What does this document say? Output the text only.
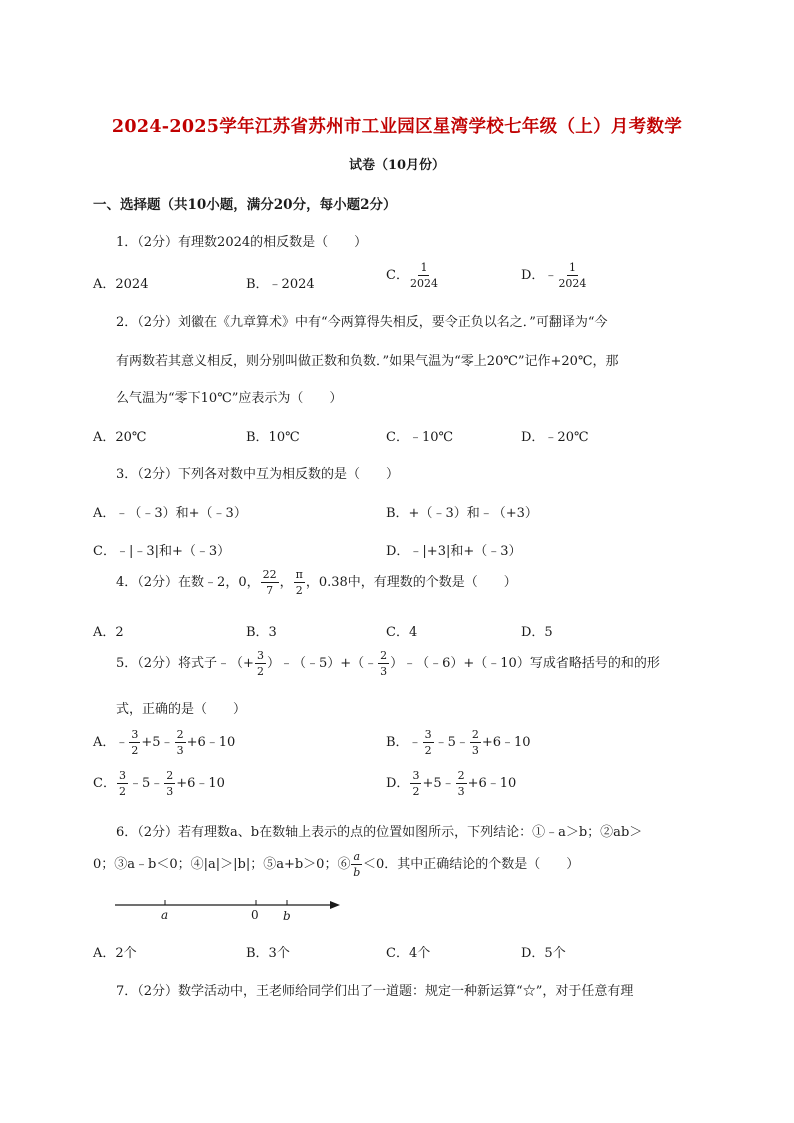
2024-2025学年江苏省苏州市工业园区星湾学校七年级（上）月考数学
试卷（10月份）
一、选择题（共10小题，满分20分，每小题2分）
1．（2分）有理数2024的相反数是（　　）
A．2024	B．﹣2024
C． $\frac{1}{2024}$	D．﹣ $\frac{1}{2024}$
2．（2分）刘徽在《九章算术》中有“今两算得失相反，要令正负以名之．”可翻译为“今
有两数若其意义相反，则分别叫做正数和负数．”如果气温为“零上20℃”记作+20℃，那
么气温为“零下10℃”应表示为（　　）
A．20℃	B．10℃	C．﹣10℃	D．﹣20℃
3．（2分）下列各对数中互为相反数的是（　　）
A．﹣（﹣3）和+（﹣3）	B．+（﹣3）和﹣（+3）
C．﹣|﹣3|和+（﹣3）	D．﹣|+3|和+（﹣3）
4．（2分）在数﹣2，0， $\frac{22}{7}$ ， $\frac{\pi}{2}$ ，0.38中，有理数的个数是（　　）
A．2	B．3	C．4	D．5
5．（2分）将式子﹣（+ $\frac{3}{2}$ ）﹣（﹣5）+（﹣ $\frac{2}{3}$ ）﹣（﹣6）+（﹣10）写成省略括号的和的形
式，正确的是（　　）
A．﹣ $\frac{3}{2}$ +5﹣ $\frac{2}{3}$ +6﹣10	B．﹣ $\frac{3}{2}$ ﹣5﹣ $\frac{2}{3}$ +6﹣10
C． $\frac{3}{2}$ ﹣5﹣ $\frac{2}{3}$ +6﹣10	D． $\frac{3}{2}$ +5﹣ $\frac{2}{3}$ +6﹣10
6．（2分）若有理数a、b在数轴上表示的点的位置如图所示，下列结论：①﹣a＞b；②ab＞
0；③a﹣b＜0；④|a|＞|b|；⑤a+b＞0；⑥ $\frac{a}{b} <0$．其中正确结论的个数是（　　）
a	0 b
A．2个	B．3个	C．4个	D．5个
7．（2分）数学活动中，王老师给同学们出了一道题：规定一种新运算“☆”，对于任意有理
